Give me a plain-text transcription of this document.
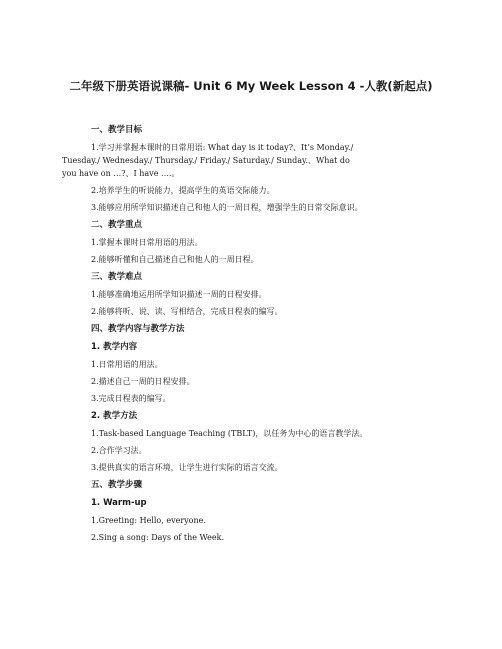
二年级下册英语说课稿- Unit 6 My Week Lesson 4 -人教(新起点)
一、教学目标
1.学习并掌握本课时的日常用语: What day is it today?、It’s Monday./
Tuesday./ Wednesday./ Thursday./ Friday./ Saturday./ Sunday.、What do
you have on …?、I have ….。
2.培养学生的听说能力，提高学生的英语交际能力。
3.能够应用所学知识描述自己和他人的一周日程，增强学生的日常交际意识。
二、教学重点
1.掌握本课时日常用语的用法。
2.能够听懂和自己描述自己和他人的一周日程。
三、教学难点
1.能够准确地运用所学知识描述一周的日程安排。
2.能够将听、说、读、写相结合，完成日程表的编写。
四、教学内容与教学方法
1. 教学内容
1.日常用语的用法。
2.描述自己一周的日程安排。
3.完成日程表的编写。
2. 教学方法
1.Task-based Language Teaching (TBLT)，以任务为中心的语言教学法。
2.合作学习法。
3.提供真实的语言环境，让学生进行实际的语言交流。
五、教学步骤
1. Warm-up
1.Greeting: Hello, everyone.
2.Sing a song: Days of the Week.
